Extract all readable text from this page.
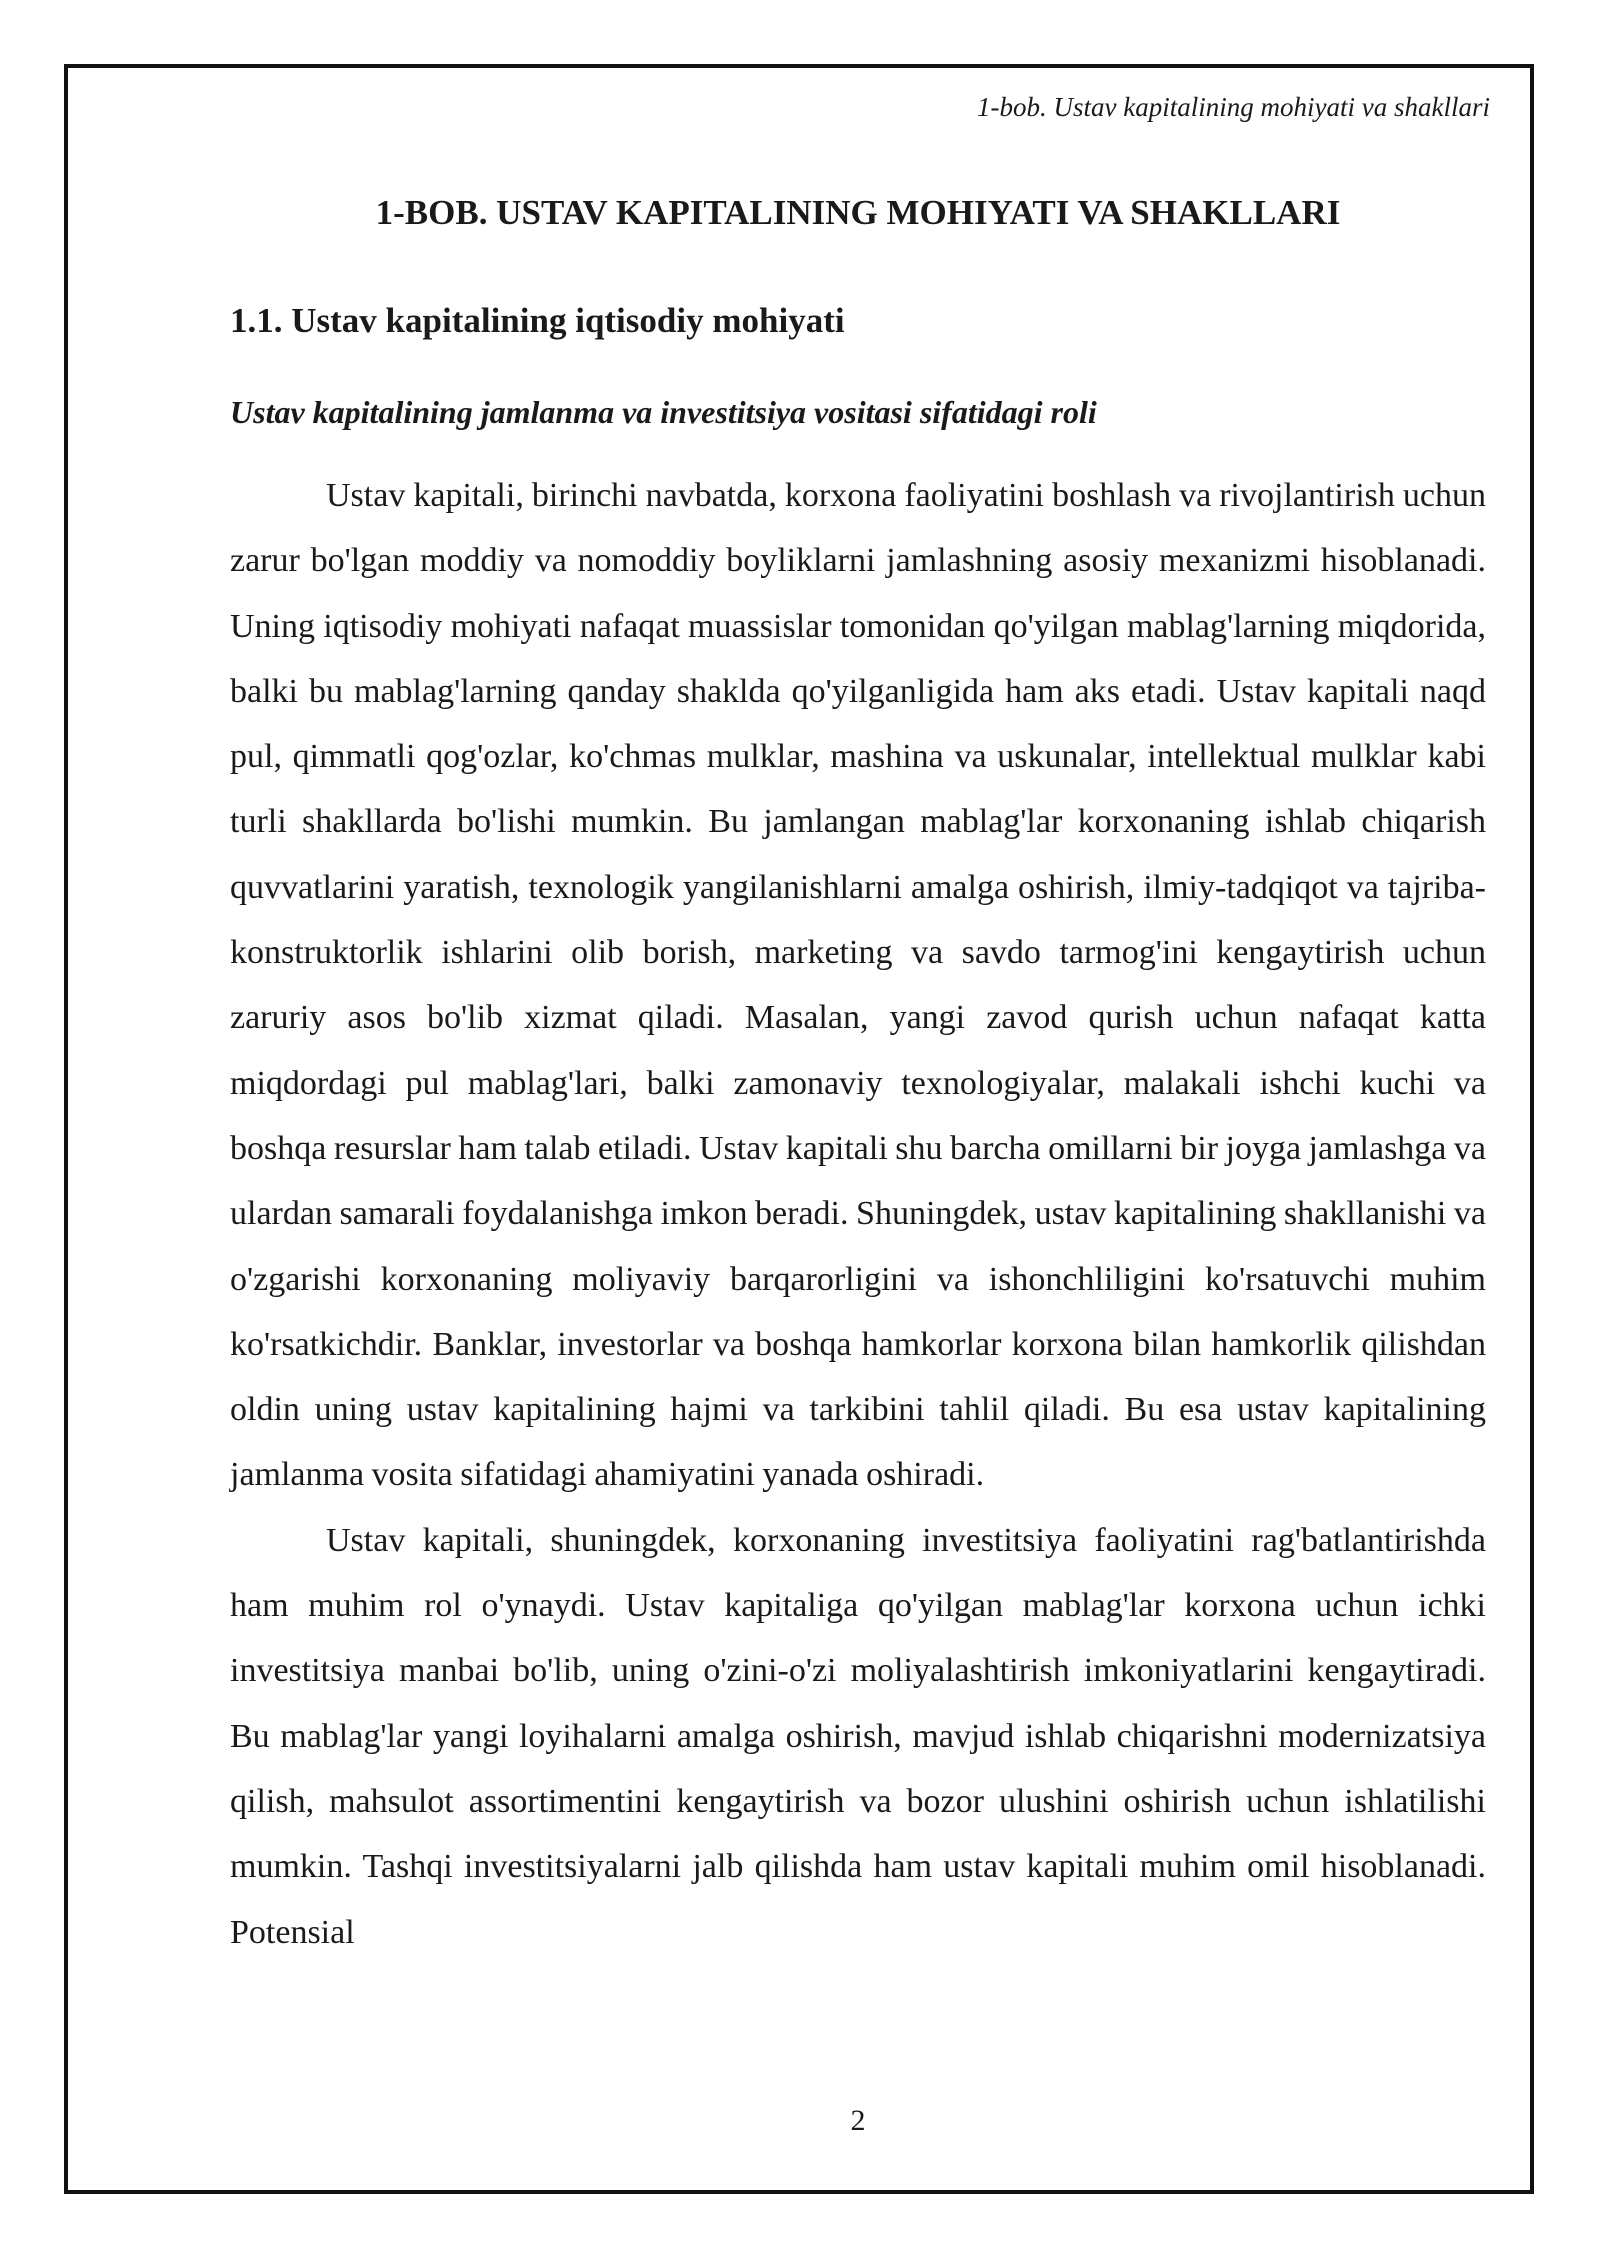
1-bob. Ustav kapitalining mohiyati va shakllari
1-BOB. USTAV KAPITALINING MOHIYATI VA SHAKLLARI
1.1. Ustav kapitalining iqtisodiy mohiyati
Ustav kapitalining jamlanma va investitsiya vositasi sifatidagi roli

Ustav kapitali, birinchi navbatda, korxona faoliyatini boshlash va rivojlantirish uchun zarur bo'lgan moddiy va nomoddiy boyliklarni jamlashning asosiy mexanizmi hisoblanadi. Uning iqtisodiy mohiyati nafaqat muassislar tomonidan qo'yilgan mablag'larning miqdorida, balki bu mablag'larning qanday shaklda qo'yilganligida ham aks etadi. Ustav kapitali naqd pul, qimmatli qog'ozlar, ko'chmas mulklar, mashina va uskunalar, intellektual mulklar kabi turli shakllarda bo'lishi mumkin. Bu jamlangan mablag'lar korxonaning ishlab chiqarish quvvatlarini yaratish, texnologik yangilanishlarni amalga oshirish, ilmiy-tadqiqot va tajriba-konstruktorlik ishlarini olib borish, marketing va savdo tarmog'ini kengaytirish uchun zaruriy asos bo'lib xizmat qiladi. Masalan, yangi zavod qurish uchun nafaqat katta miqdordagi pul mablag'lari, balki zamonaviy texnologiyalar, malakali ishchi kuchi va boshqa resurslar ham talab etiladi. Ustav kapitali shu barcha omillarni bir joyga jamlashga va ulardan samarali foydalanishga imkon beradi. Shuningdek, ustav kapitalining shakllanishi va o'zgarishi korxonaning moliyaviy barqarorligini va ishonchliligini ko'rsatuvchi muhim ko'rsatkichdir. Banklar, investorlar va boshqa hamkorlar korxona bilan hamkorlik qilishdan oldin uning ustav kapitalining hajmi va tarkibini tahlil qiladi. Bu esa ustav kapitalining jamlanma vosita sifatidagi ahamiyatini yanada oshiradi.

Ustav kapitali, shuningdek, korxonaning investitsiya faoliyatini rag'batlantirishda ham muhim rol o'ynaydi. Ustav kapitaliga qo'yilgan mablag'lar korxona uchun ichki investitsiya manbai bo'lib, uning o'zini-o'zi moliyalashtirish imkoniyatlarini kengaytiradi. Bu mablag'lar yangi loyihalarni amalga oshirish, mavjud ishlab chiqarishni modernizatsiya qilish, mahsulot assortimentini kengaytirish va bozor ulushini oshirish uchun ishlatilishi mumkin. Tashqi investitsiyalarni jalb qilishda ham ustav kapitali muhim omil hisoblanadi. Potensial

2
